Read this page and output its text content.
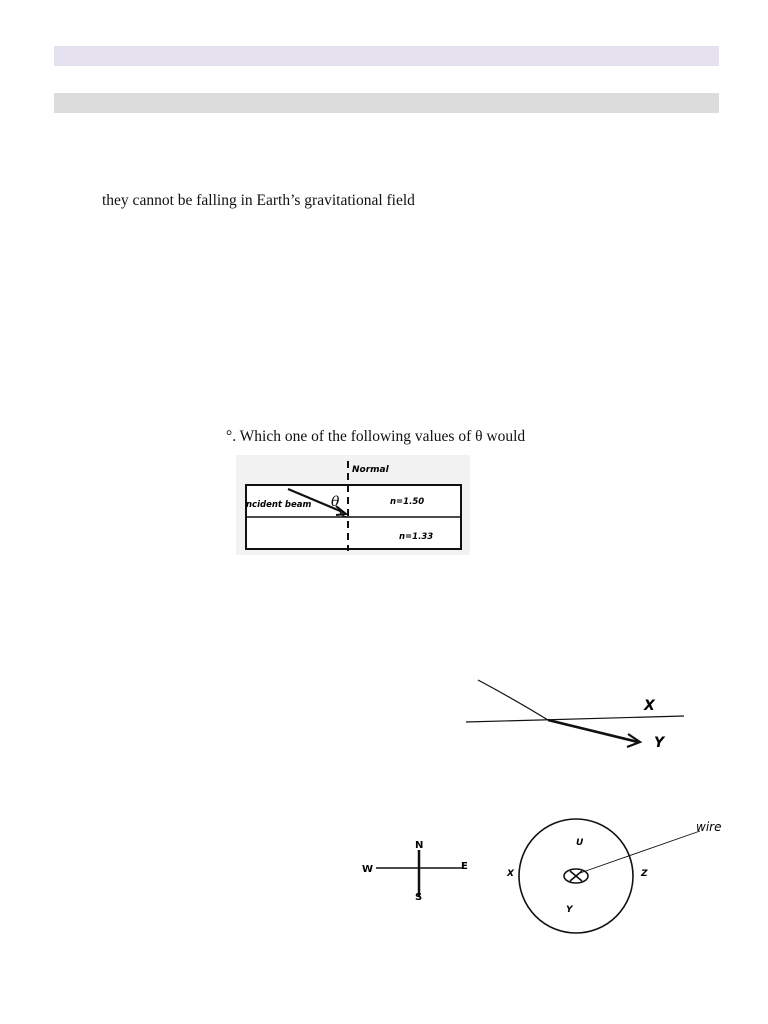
they cannot be falling in Earth’s gravitational field
°. Which one of the following values of θ would
Normal
ncident beam θ	n=1.50
n=1.33
X
Y
N
S
E
W
wire
U
Y
X	Z
